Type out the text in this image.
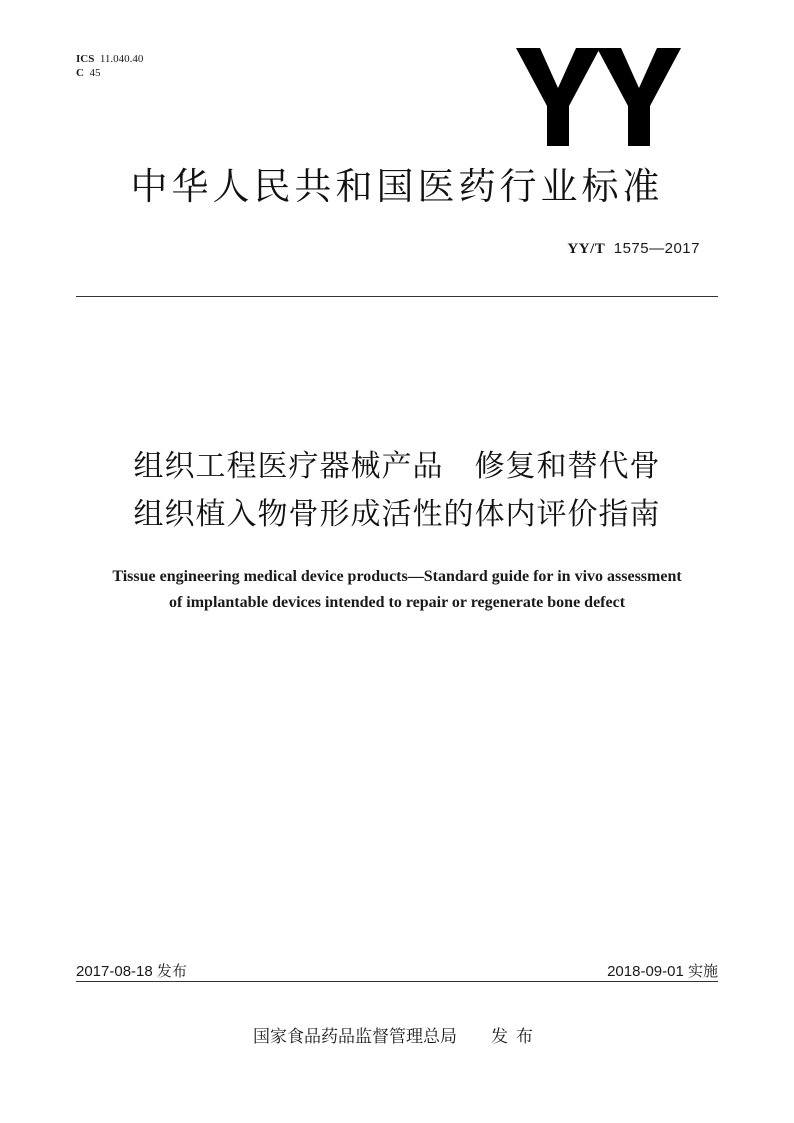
ICS 11.040.40
C 45
中华人民共和国医药行业标准
YY/T 1575—2017
组织工程医疗器械产品　修复和替代骨
组织植入物骨形成活性的体内评价指南
Tissue engineering medical device products—Standard guide for in vivo assessment
of implantable devices intended to repair or regenerate bone defect
2017-08-18 发布	2018-09-01 实施
国家食品药品监督管理总局 发布
